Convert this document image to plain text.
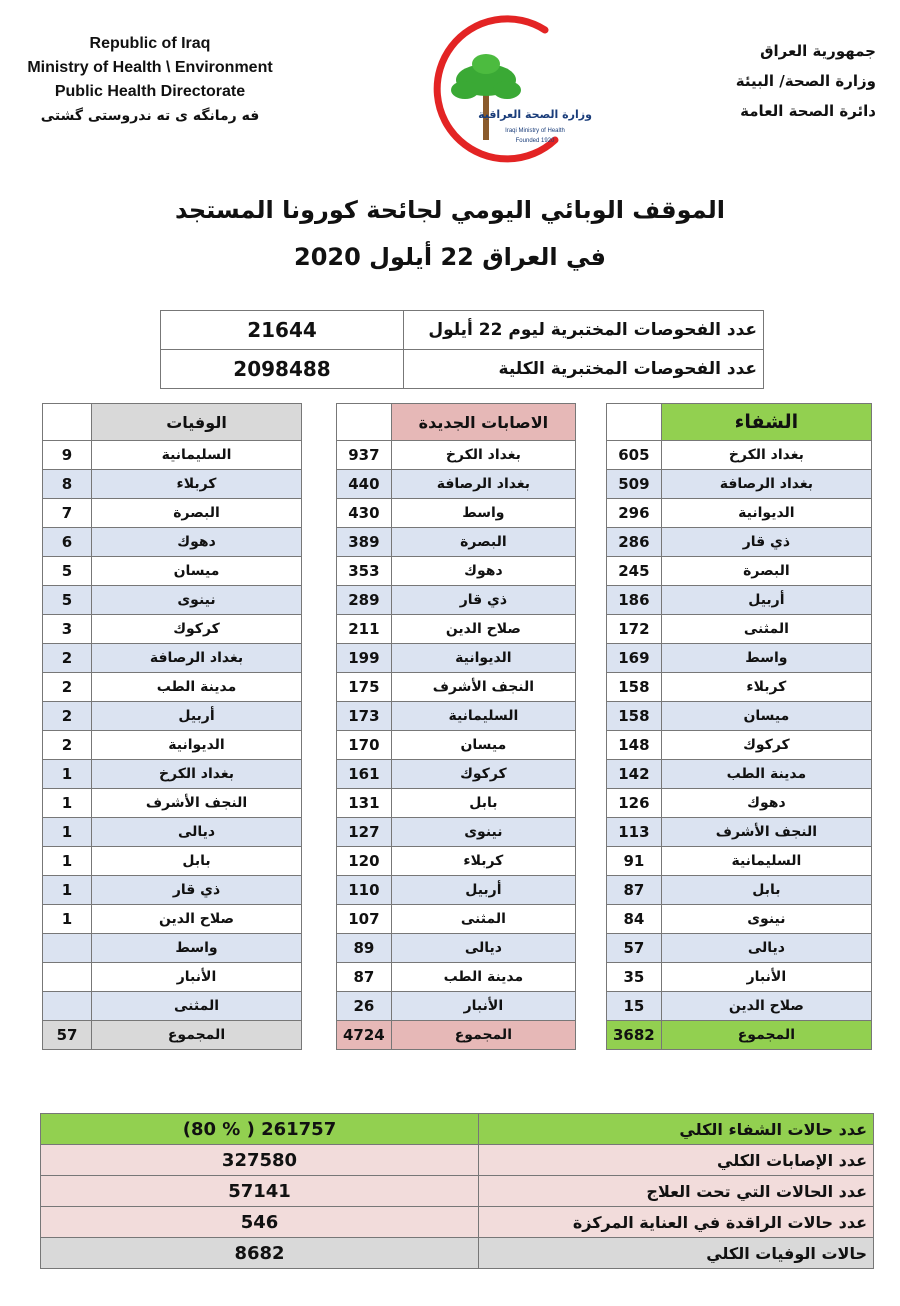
Republic of Iraq
Ministry of Health \ Environment
Public Health Directorate
فه رمانگه ى ته ندروستى گشتى	وزارة الصحة العراقية
Iraqi Ministry of Health
Founded 1920
جمهورية العراق
وزارة الصحة/ البيئة
دائرة الصحة العامة
الموقف الوبائي اليومي لجائحة كورونا المستجد
في العراق 22 أيلول 2020
21644	عدد الفحوصات المختبرية ليوم 22 أيلول
2098488	عدد الفحوصات المختبرية الكلية
	الوفيات
9	السليمانية
8	كربلاء
7	البصرة
6	دهوك
5	ميسان
5	نينوى
3	كركوك
2	بغداد الرصافة
2	مدينة الطب
2	أربيل
2	الديوانية
1	بغداد الكرخ
1	النجف الأشرف
1	ديالى
1	بابل
1	ذي قار
1	صلاح الدين
	واسط
	الأنبار
	المثنى
57	المجموع
	الاصابات الجديدة
937	بغداد الكرخ
440	بغداد الرصافة
430	واسط
389	البصرة
353	دهوك
289	ذي قار
211	صلاح الدين
199	الديوانية
175	النجف الأشرف
173	السليمانية
170	ميسان
161	كركوك
131	بابل
127	نينوى
120	كربلاء
110	أربيل
107	المثنى
89	ديالى
87	مدينة الطب
26	الأنبار
4724	المجموع
	الشفاء
605	بغداد الكرخ
509	بغداد الرصافة
296	الديوانية
286	ذي قار
245	البصرة
186	أربيل
172	المثنى
169	واسط
158	كربلاء
158	ميسان
148	كركوك
142	مدينة الطب
126	دهوك
113	النجف الأشرف
91	السليمانية
87	بابل
84	نينوى
57	ديالى
35	الأنبار
15	صلاح الدين
3682	المجموع
(80 % ) 261757	عدد حالات الشفاء الكلي
327580	عدد الإصابات الكلي
57141	عدد الحالات التي تحت العلاج
546	عدد حالات الراقدة في العناية المركزة
8682	حالات الوفيات الكلي
